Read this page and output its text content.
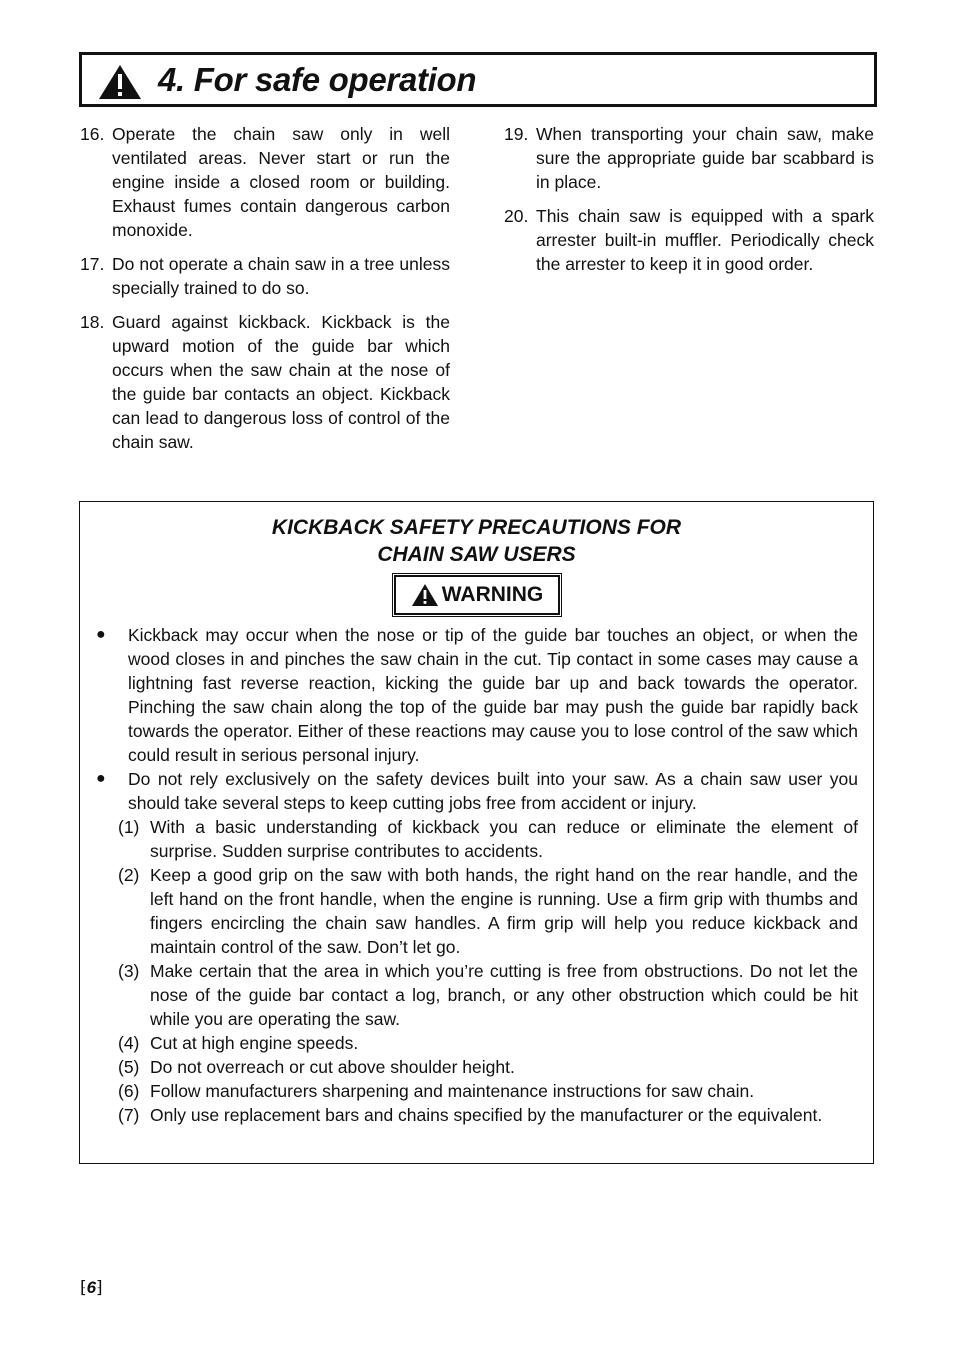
4. For safe operation
16. Operate the chain saw only in well ventilated areas. Never start or run the engine inside a closed room or building. Exhaust fumes contain dangerous carbon monoxide.
17. Do not operate a chain saw in a tree unless specially trained to do so.
18. Guard against kickback. Kickback is the upward motion of the guide bar which occurs when the saw chain at the nose of the guide bar contacts an object. Kickback can lead to dangerous loss of control of the chain saw.
19. When transporting your chain saw, make sure the appropriate guide bar scabbard is in place.
20. This chain saw is equipped with a spark arrester built-in muffler. Periodically check the arrester to keep it in good order.
KICKBACK SAFETY PRECAUTIONS FOR
CHAIN SAW USERS
WARNING
●	Kickback may occur when the nose or tip of the guide bar touches an object, or when the wood closes in and pinches the saw chain in the cut. Tip contact in some cases may cause a lightning fast reverse reaction, kicking the guide bar up and back towards the operator. Pinching the saw chain along the top of the guide bar may push the guide bar rapidly back towards the operator. Either of these reactions may cause you to lose control of the saw which could result in serious personal injury.
●	Do not rely exclusively on the safety devices built into your saw. As a chain saw user you should take several steps to keep cutting jobs free from accident or injury.
(1) With a basic understanding of kickback you can reduce or eliminate the element of surprise. Sudden surprise contributes to accidents.
(2) Keep a good grip on the saw with both hands, the right hand on the rear handle, and the left hand on the front handle, when the engine is running. Use a firm grip with thumbs and fingers encircling the chain saw handles. A firm grip will help you reduce kickback and maintain control of the saw. Don’t let go.
(3) Make certain that the area in which you’re cutting is free from obstructions. Do not let the nose of the guide bar contact a log, branch, or any other obstruction which could be hit while you are operating the saw.
(4) Cut at high engine speeds.
(5) Do not overreach or cut above shoulder height.
(6) Follow manufacturers sharpening and maintenance instructions for saw chain.
(7) Only use replacement bars and chains specified by the manufacturer or the equivalent.
⁅6⁆
